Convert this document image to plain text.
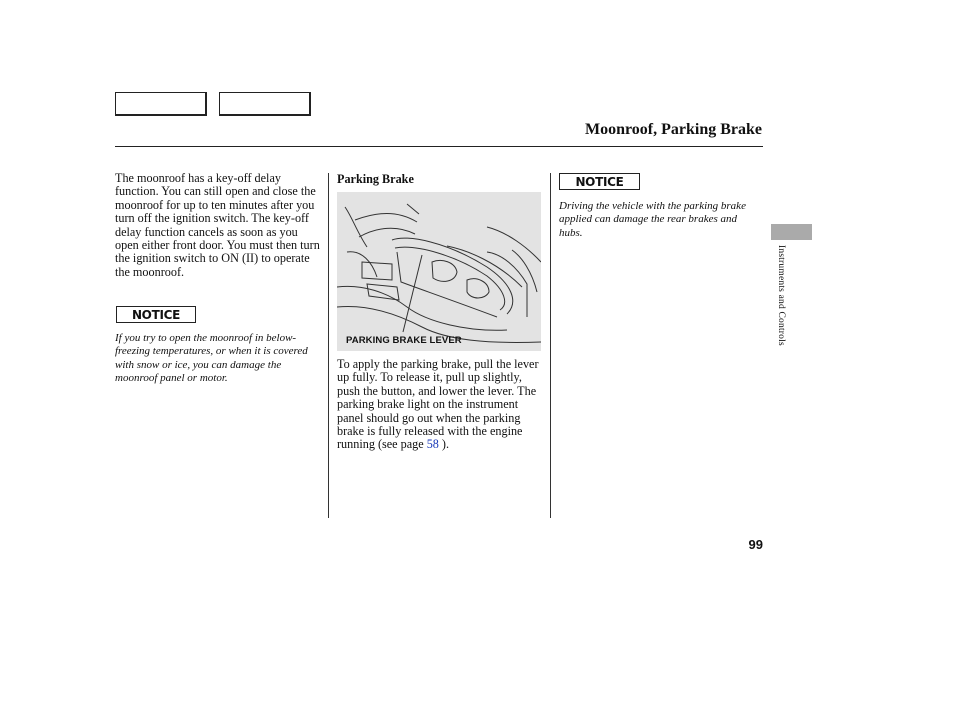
Moonroof, Parking Brake

The moonroof has a key-off delay function. You can still open and close the moonroof for up to ten minutes after you turn off the ignition switch. The key-off delay function cancels as soon as you open either front door. You must then turn the ignition switch to ON (II) to operate the moonroof.

NOTICE

If you try to open the moonroof in below-freezing temperatures, or when it is covered with snow or ice, you can damage the moonroof panel or motor.

Parking Brake
PARKING BRAKE LEVER

To apply the parking brake, pull the lever up fully. To release it, pull up slightly, push the button, and lower the lever. The parking brake light on the instrument panel should go out when the parking brake is fully released with the engine running (see page 58 ).

NOTICE

Driving the vehicle with the parking brake applied can damage the rear brakes and hubs.

Instruments and Controls
99
